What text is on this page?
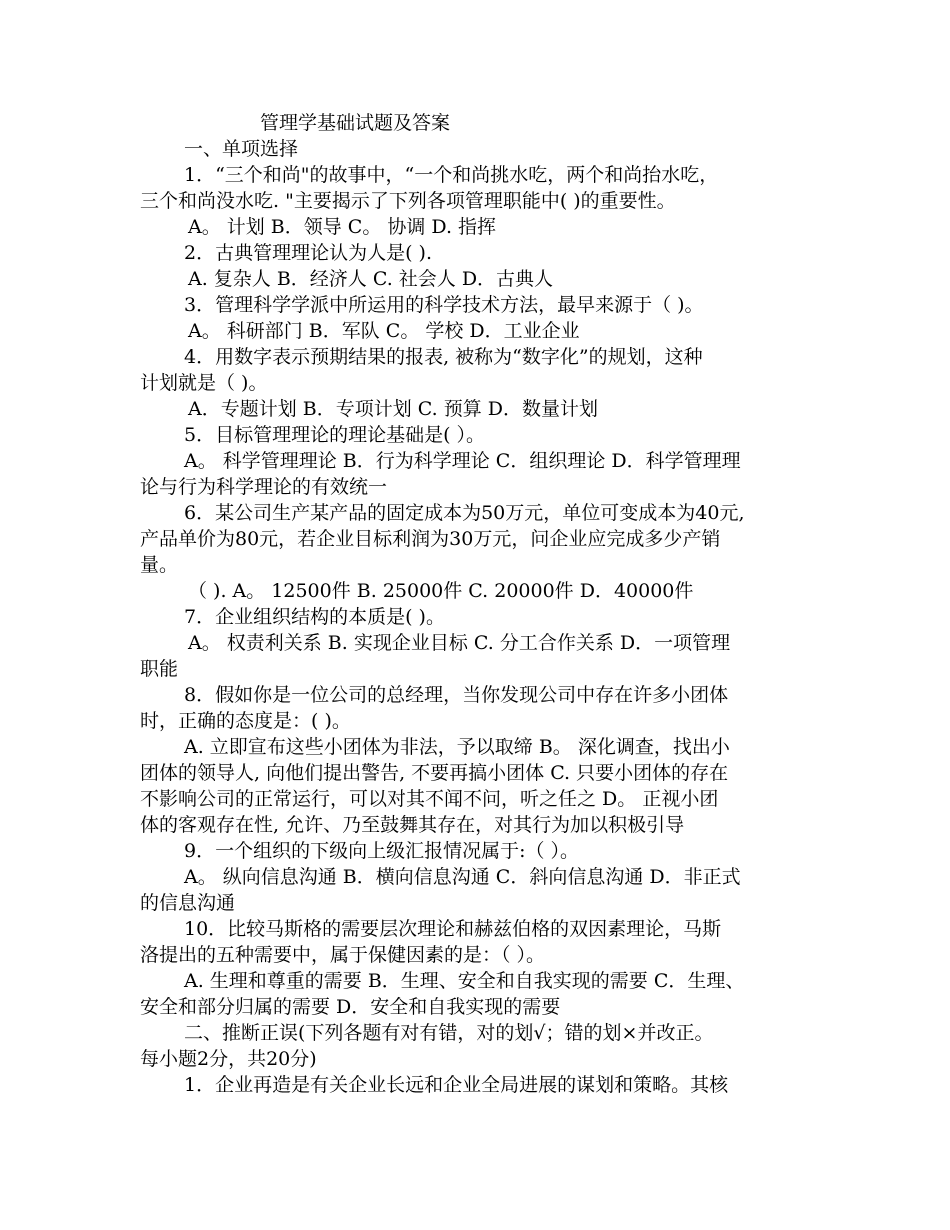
管理学基础试题及答案
一、单项选择
1．“三个和尚"的故事中，“一个和尚挑水吃，两个和尚抬水吃，
三个和尚没水吃. "主要揭示了下列各项管理职能中( )的重要性。
A。 计划 B．领导 C。 协调 D. 指挥
2．古典管理理论认为人是( ).
A. 复杂人 B．经济人 C. 社会人 D．古典人
3．管理科学学派中所运用的科学技术方法，最早来源于（ )。
A。 科研部门 B．军队 C。 学校 D．工业企业
4．用数字表示预期结果的报表, 被称为“数字化”的规划，这种
计划就是（ )。
A．专题计划 B．专项计划 C. 预算 D．数量计划
5．目标管理理论的理论基础是( ）。
A。 科学管理理论 B．行为科学理论 C．组织理论 D．科学管理理
论与行为科学理论的有效统一
6．某公司生产某产品的固定成本为50万元，单位可变成本为40元,
产品单价为80元，若企业目标利润为30万元，问企业应完成多少产销
量。
（ ). A。 12500件 B. 25000件 C. 20000件 D．40000件
7．企业组织结构的本质是( )。
A。 权责利关系 B. 实现企业目标 C. 分工合作关系 D．一项管理
职能
8．假如你是一位公司的总经理，当你发现公司中存在许多小团体
时，正确的态度是：( )。
A. 立即宣布这些小团体为非法，予以取缔 B。 深化调查，找出小
团体的领导人, 向他们提出警告, 不要再搞小团体 C. 只要小团体的存在
不影响公司的正常运行，可以对其不闻不问，听之任之 D。 正视小团
体的客观存在性, 允许、乃至鼓舞其存在，对其行为加以积极引导
9．一个组织的下级向上级汇报情况属于:（ ）。
A。 纵向信息沟通 B．横向信息沟通 C．斜向信息沟通 D．非正式
的信息沟通
10．比较马斯格的需要层次理论和赫兹伯格的双因素理论，马斯
洛提出的五种需要中，属于保健因素的是：（ ）。
A. 生理和尊重的需要 B．生理、安全和自我实现的需要 C．生理、
安全和部分归属的需要 D．安全和自我实现的需要
二、推断正误(下列各题有对有错，对的划√；错的划×并改正。
每小题2分，共20分)
1．企业再造是有关企业长远和企业全局进展的谋划和策略。其核
